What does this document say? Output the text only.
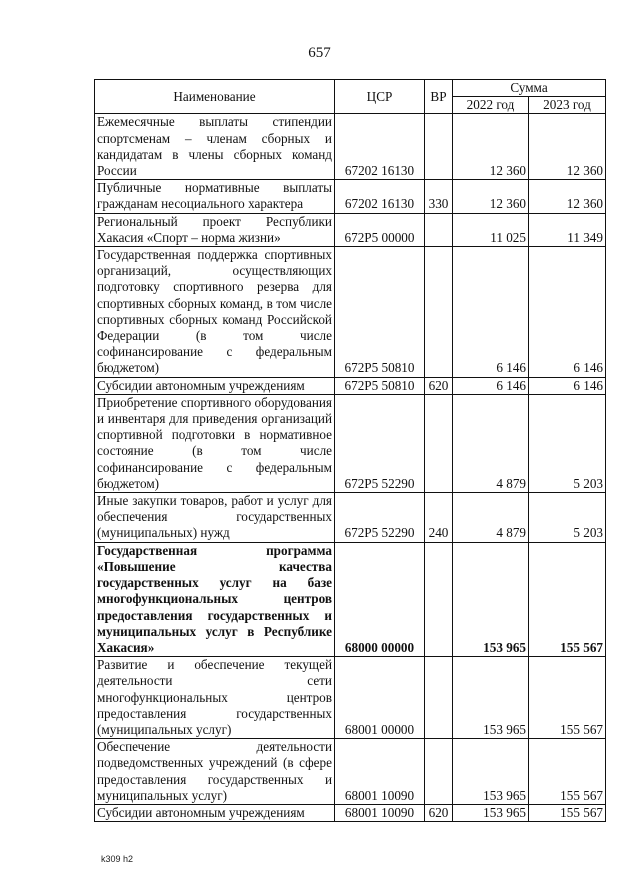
657
Наименование	ЦСР	ВР	Сумма	
			2022 год	2023 год
Ежемесячные выплаты стипендии спортсменам – членам сборных и кандидатам в члены сборных команд России	67202 16130		12 360	12 360
Публичные нормативные выплаты гражданам несоциального характера	67202 16130	330	12 360	12 360
Региональный проект Республики Хакасия «Спорт – норма жизни»	672P5 00000		11 025	11 349
Государственная поддержка спортивных организаций, осуществляющих подготовку спортивного резерва для спортивных сборных команд, в том числе спортивных сборных команд Российской Федерации (в том числе софинансирование с федеральным бюджетом)	672P5 50810		6 146	6 146
Субсидии автономным учреждениям	672P5 50810	620	6 146	6 146
Приобретение спортивного оборудования и инвентаря для приведения организаций спортивной подготовки в нормативное состояние (в том числе софинансирование с федеральным бюджетом)	672P5 52290		4 879	5 203
Иные закупки товаров, работ и услуг для обеспечения государственных (муниципальных) нужд	672P5 52290	240	4 879	5 203
Государственная программа «Повышение качества государственных услуг на базе многофункциональных центров предоставления государственных и муниципальных услуг в Республике Хакасия»	68000 00000		153 965	155 567
Развитие и обеспечение текущей деятельности сети многофункциональных центров предоставления государственных (муниципальных услуг)	68001 00000		153 965	155 567
Обеспечение деятельности подведомственных учреждений (в сфере предоставления государственных и муниципальных услуг)	68001 10090		153 965	155 567
Субсидии автономным учреждениям	68001 10090	620	153 965	155 567
k309 h2
